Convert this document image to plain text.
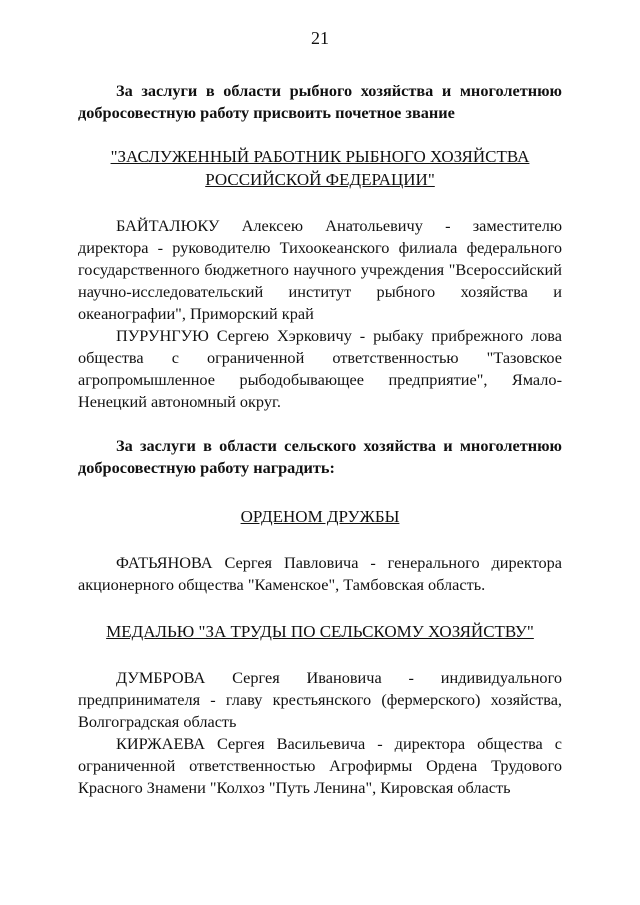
21

За заслуги в области рыбного хозяйства и многолетнюю добросовестную работу присвоить почетное звание

"ЗАСЛУЖЕННЫЙ РАБОТНИК РЫБНОГО ХОЗЯЙСТВА
РОССИЙСКОЙ ФЕДЕРАЦИИ"

БАЙТАЛЮКУ Алексею Анатольевичу - заместителю директора - руководителю Тихоокеанского филиала федерального государственного бюджетного научного учреждения "Всероссийский научно-исследовательский институт рыбного хозяйства и океанографии", Приморский край

ПУРУНГУЮ Сергею Хэрковичу - рыбаку прибрежного лова общества с ограниченной ответственностью "Тазовское агропромышленное рыбодобывающее предприятие", Ямало-Ненецкий автономный округ.

За заслуги в области сельского хозяйства и многолетнюю добросовестную работу наградить:

ОРДЕНОМ ДРУЖБЫ

ФАТЬЯНОВА Сергея Павловича - генерального директора акционерного общества "Каменское", Тамбовская область.

МЕДАЛЬЮ "ЗА ТРУДЫ ПО СЕЛЬСКОМУ ХОЗЯЙСТВУ"

ДУМБРОВА Сергея Ивановича - индивидуального предпринимателя - главу крестьянского (фермерского) хозяйства, Волгоградская область

КИРЖАЕВА Сергея Васильевича - директора общества с ограниченной ответственностью Агрофирмы Ордена Трудового Красного Знамени "Колхоз "Путь Ленина", Кировская область
